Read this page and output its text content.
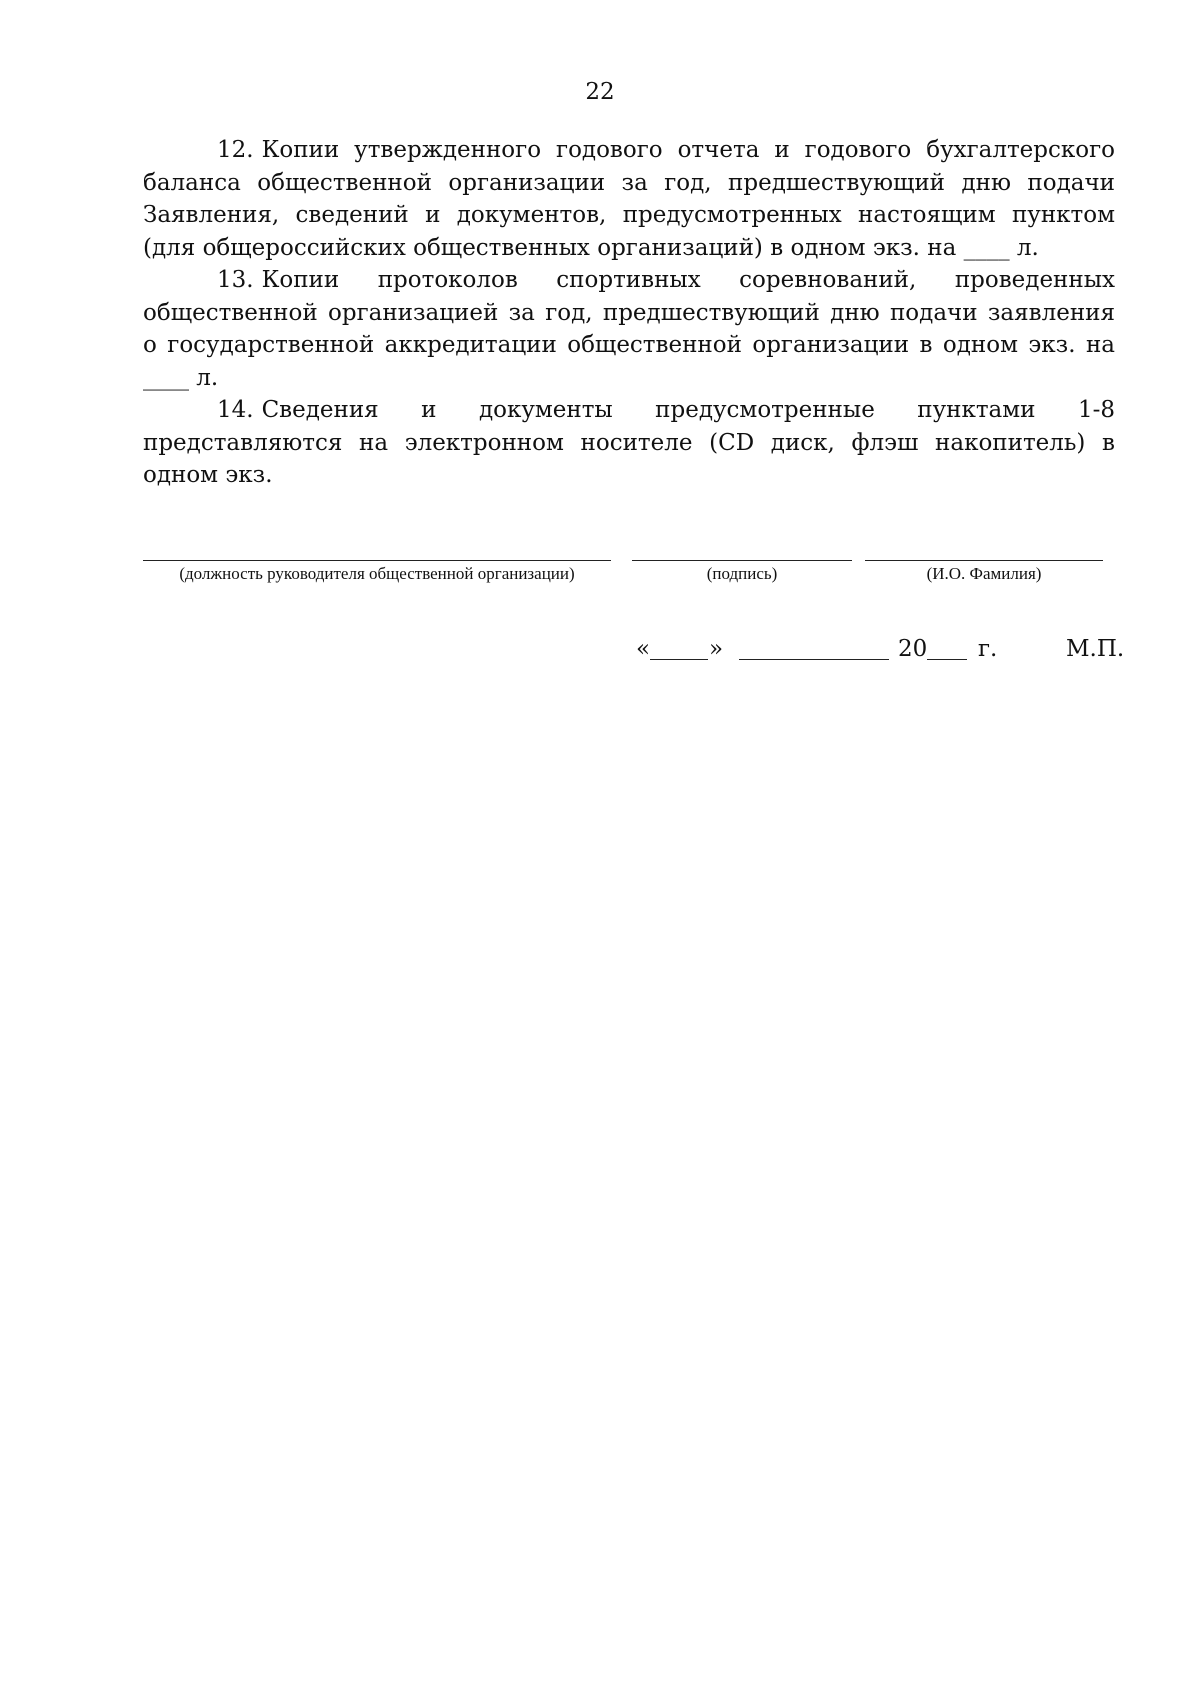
22

12. Копии утвержденного годового отчета и годового бухгалтерского баланса общественной организации за год, предшествующий дню подачи Заявления, сведений и документов, предусмотренных настоящим пунктом (для общероссийских общественных организаций) в одном экз. на ____ л.

13. Копии протоколов спортивных соревнований, проведенных общественной организацией за год, предшествующий дню подачи заявления о государственной аккредитации общественной организации в одном экз. на ____ л.

14. Сведения и документы предусмотренные пунктами 1-8 представляются на электронном носителе (CD диск, флэш накопитель) в одном экз.

(должность руководителя общественной организации)	(подпись)	(И.О. Фамилия)
«	»	20 г.	М.П.
